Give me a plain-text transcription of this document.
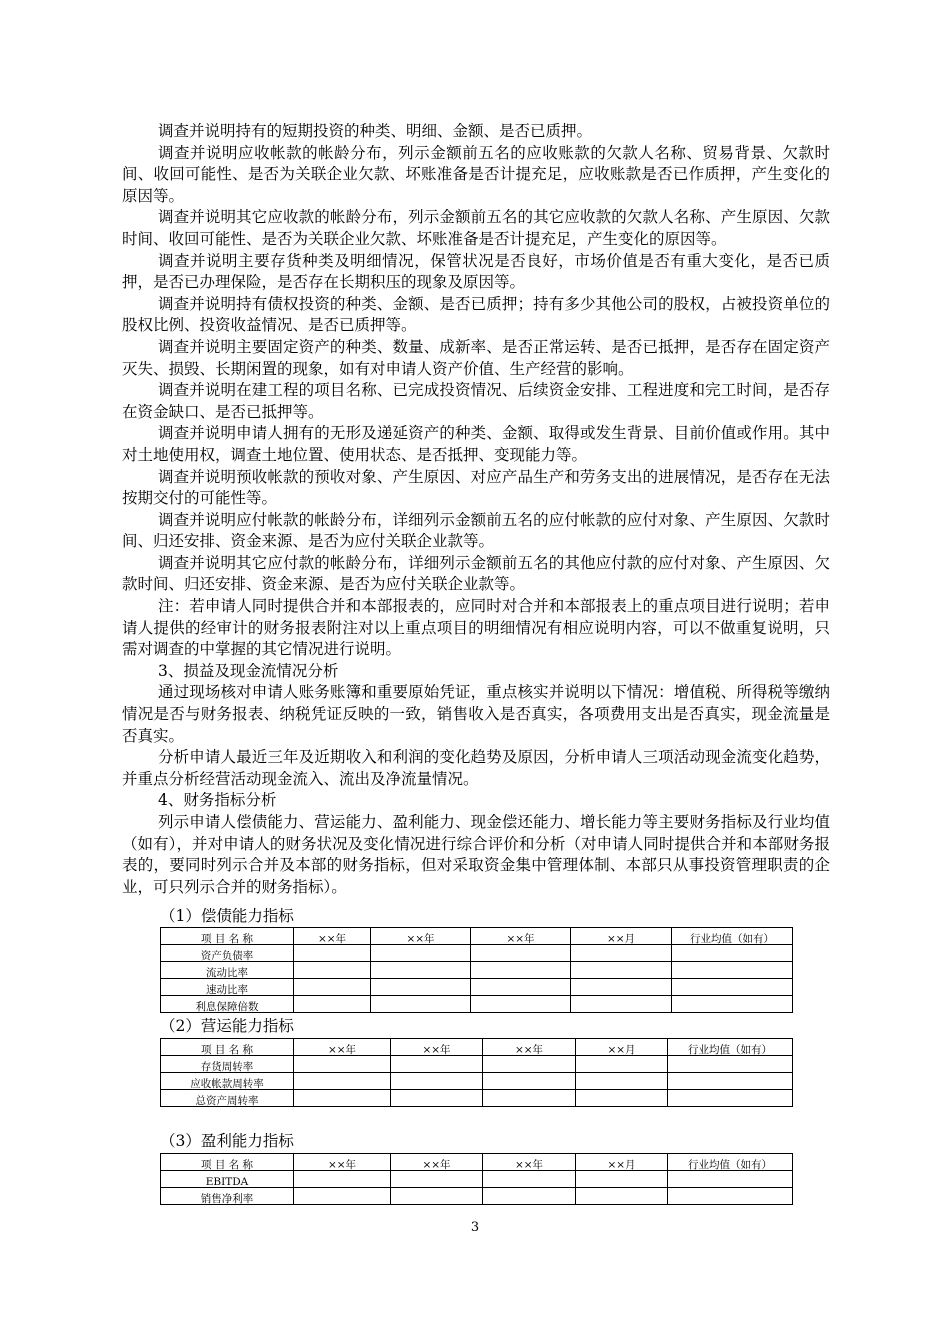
调查并说明持有的短期投资的种类、明细、金额、是否已质押。

调查并说明应收帐款的帐龄分布，列示金额前五名的应收账款的欠款人名称、贸易背景、欠款时间、收回可能性、是否为关联企业欠款、坏账准备是否计提充足，应收账款是否已作质押，产生变化的原因等。

调查并说明其它应收款的帐龄分布，列示金额前五名的其它应收款的欠款人名称、产生原因、欠款时间、收回可能性、是否为关联企业欠款、坏账准备是否计提充足，产生变化的原因等。

调查并说明主要存货种类及明细情况，保管状况是否良好，市场价值是否有重大变化，是否已质押，是否已办理保险，是否存在长期积压的现象及原因等。

调查并说明持有债权投资的种类、金额、是否已质押；持有多少其他公司的股权，占被投资单位的股权比例、投资收益情况、是否已质押等。

调查并说明主要固定资产的种类、数量、成新率、是否正常运转、是否已抵押，是否存在固定资产灭失、损毁、长期闲置的现象，如有对申请人资产价值、生产经营的影响。

调查并说明在建工程的项目名称、已完成投资情况、后续资金安排、工程进度和完工时间，是否存在资金缺口、是否已抵押等。

调查并说明申请人拥有的无形及递延资产的种类、金额、取得或发生背景、目前价值或作用。其中对土地使用权，调查土地位置、使用状态、是否抵押、变现能力等。

调查并说明预收帐款的预收对象、产生原因、对应产品生产和劳务支出的进展情况，是否存在无法按期交付的可能性等。

调查并说明应付帐款的帐龄分布，详细列示金额前五名的应付帐款的应付对象、产生原因、欠款时间、归还安排、资金来源、是否为应付关联企业款等。

调查并说明其它应付款的帐龄分布，详细列示金额前五名的其他应付款的应付对象、产生原因、欠款时间、归还安排、资金来源、是否为应付关联企业款等。

注：若申请人同时提供合并和本部报表的，应同时对合并和本部报表上的重点项目进行说明；若申请人提供的经审计的财务报表附注对以上重点项目的明细情况有相应说明内容，可以不做重复说明，只需对调查的中掌握的其它情况进行说明。

3、损益及现金流情况分析

通过现场核对申请人账务账簿和重要原始凭证，重点核实并说明以下情况：增值税、所得税等缴纳情况是否与财务报表、纳税凭证反映的一致，销售收入是否真实，各项费用支出是否真实，现金流量是否真实。

分析申请人最近三年及近期收入和利润的变化趋势及原因，分析申请人三项活动现金流变化趋势，并重点分析经营活动现金流入、流出及净流量情况。

4、财务指标分析

列示申请人偿债能力、营运能力、盈利能力、现金偿还能力、增长能力等主要财务指标及行业均值（如有），并对申请人的财务状况及变化情况进行综合评价和分析（对申请人同时提供合并和本部财务报表的，要同时列示合并及本部的财务指标，但对采取资金集中管理体制、本部只从事投资管理职责的企业，可只列示合并的财务指标）。

（1）偿债能力指标
项 目 名 称	××年	××年	××年	××月	行业均值（如有）
资产负债率					
流动比率					
速动比率					
利息保障倍数					
（2）营运能力指标
项 目 名 称	××年	××年	××年	××月	行业均值（如有）
存货周转率					
应收帐款周转率					
总资产周转率					
（3）盈利能力指标
项 目 名 称	××年	××年	××年	××月	行业均值（如有）
EBITDA					
销售净利率					
3
